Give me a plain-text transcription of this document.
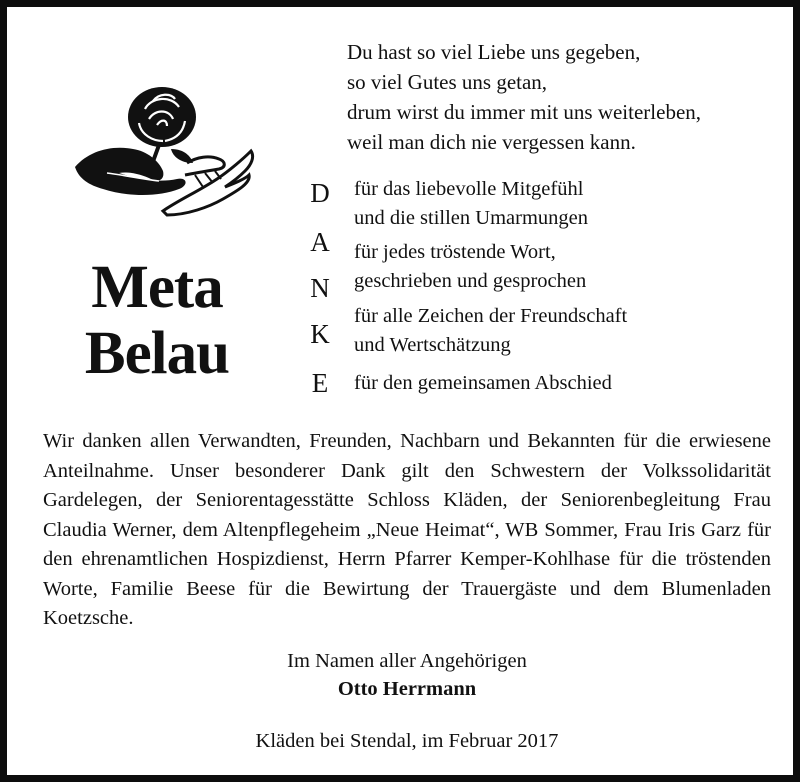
Du hast so viel Liebe uns gegeben,
so viel Gutes uns getan,
drum wirst du immer mit uns weiterleben,
weil man dich nie vergessen kann.
Meta
Belau
D
A
N
K
E
für das liebevolle Mitgefühl
und die stillen Umarmungen
für jedes tröstende Wort,
geschrieben und gesprochen
für alle Zeichen der Freundschaft
und Wertschätzung
für den gemeinsamen Abschied
Wir danken allen Verwandten, Freunden, Nachbarn und Bekannten für die erwiesene Anteilnahme. Unser besonderer Dank gilt den Schwestern der Volkssolidarität Gardelegen, der Seniorentagesstätte Schloss Kläden, der Seniorenbegleitung Frau Claudia Werner, dem Altenpflegeheim „Neue Heimat“, WB Sommer, Frau Iris Garz für den ehrenamtlichen Hospizdienst, Herrn Pfarrer Kemper-Kohlhase für die tröstenden Worte, Familie Beese für die Bewirtung der Trauergäste und dem Blumenladen Koetzsche.
Im Namen aller Angehörigen
Otto Herrmann
Kläden bei Stendal, im Februar 2017
